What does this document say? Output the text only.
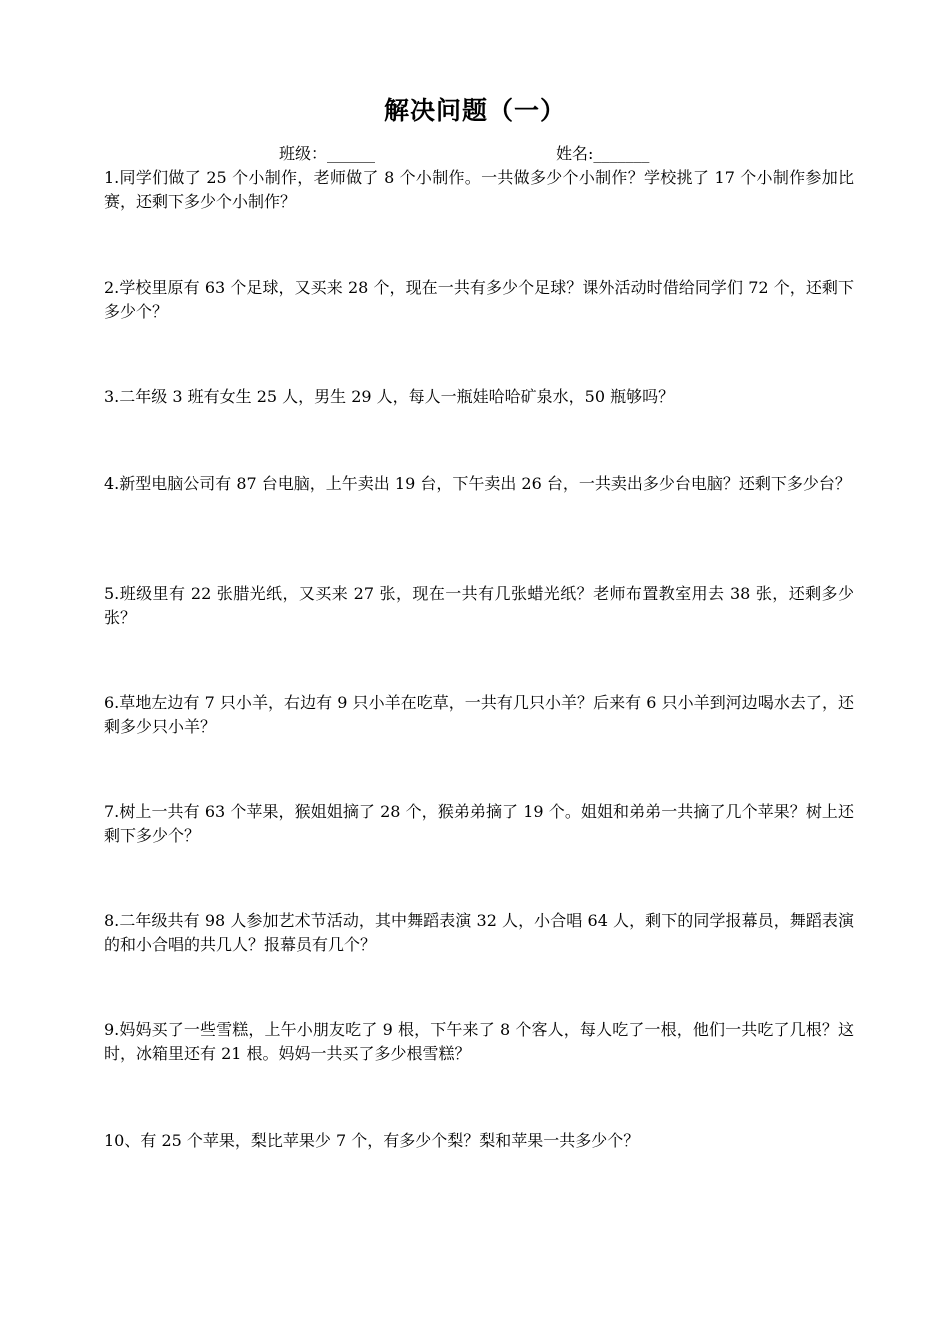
解决问题（一）
班级：______	姓名:_______
1.同学们做了 25 个小制作，老师做了 8 个小制作。一共做多少个小制作？学校挑了 17 个小制作参加比赛，还剩下多少个小制作？
2.学校里原有 63 个足球，又买来 28 个，现在一共有多少个足球？课外活动时借给同学们 72 个，还剩下多少个？
3.二年级 3 班有女生 25 人，男生 29 人，每人一瓶娃哈哈矿泉水，50 瓶够吗？
4.新型电脑公司有 87 台电脑，上午卖出 19 台，下午卖出 26 台，一共卖出多少台电脑？还剩下多少台？
5.班级里有 22 张腊光纸，又买来 27 张，现在一共有几张蜡光纸？老师布置教室用去 38 张，还剩多少张？
6.草地左边有 7 只小羊，右边有 9 只小羊在吃草，一共有几只小羊？后来有 6 只小羊到河边喝水去了，还剩多少只小羊？
7.树上一共有 63 个苹果，猴姐姐摘了 28 个，猴弟弟摘了 19 个。姐姐和弟弟一共摘了几个苹果？树上还剩下多少个？
8.二年级共有 98 人参加艺术节活动，其中舞蹈表演 32 人，小合唱 64 人，剩下的同学报幕员，舞蹈表演的和小合唱的共几人？报幕员有几个？
9.妈妈买了一些雪糕，上午小朋友吃了 9 根，下午来了 8 个客人，每人吃了一根，他们一共吃了几根？这时，冰箱里还有 21 根。妈妈一共买了多少根雪糕？
10、有 25 个苹果，梨比苹果少 7 个，有多少个梨？梨和苹果一共多少个？
